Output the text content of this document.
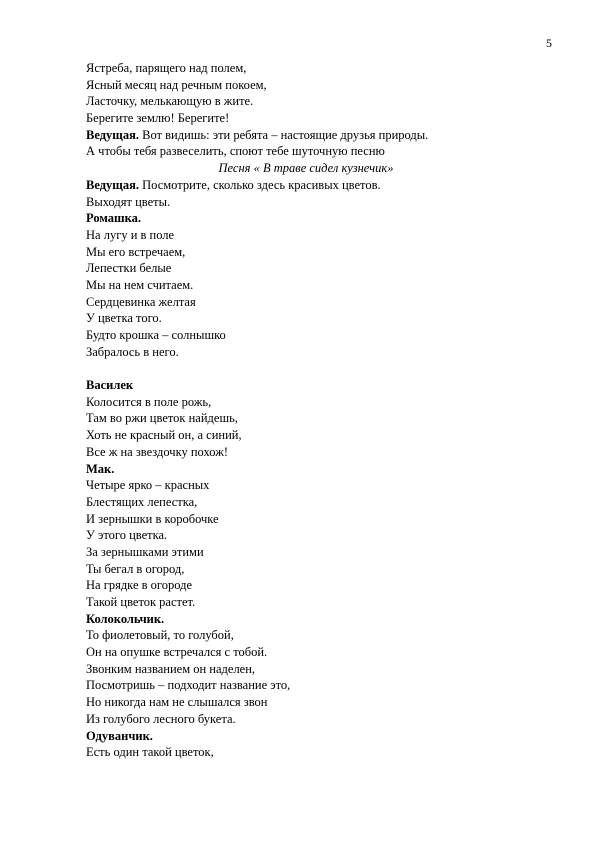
5
Ястреба, парящего над полем,
Ясный месяц над речным покоем,
Ласточку, мелькающую в жите.
Берегите землю! Берегите!
Ведущая. Вот видишь: эти ребята – настоящие друзья природы.
А чтобы тебя развеселить, споют тебе шуточную песню
Песня « В траве сидел кузнечик»
Ведущая. Посмотрите, сколько здесь красивых цветов.
Выходят цветы.
Ромашка.
На лугу и в поле
Мы его встречаем,
Лепестки белые
Мы на нем считаем.
Сердцевинка желтая
У цветка того.
Будто крошка – солнышко
Забралось в него.
Василек
Колосится в поле рожь,
Там во ржи цветок найдешь,
Хоть не красный он, а синий,
Все ж на звездочку похож!
Мак.
Четыре ярко – красных
Блестящих лепестка,
И зернышки в коробочке
У этого цветка.
За зернышками этими
Ты бегал в огород,
На грядке в огороде
Такой цветок растет.
Колокольчик.
То фиолетовый, то голубой,
Он на опушке встречался с тобой.
Звонким названием он наделен,
Посмотришь – подходит название это,
Но никогда нам не слышался звон
Из голубого лесного букета.
Одуванчик.
Есть один такой цветок,
